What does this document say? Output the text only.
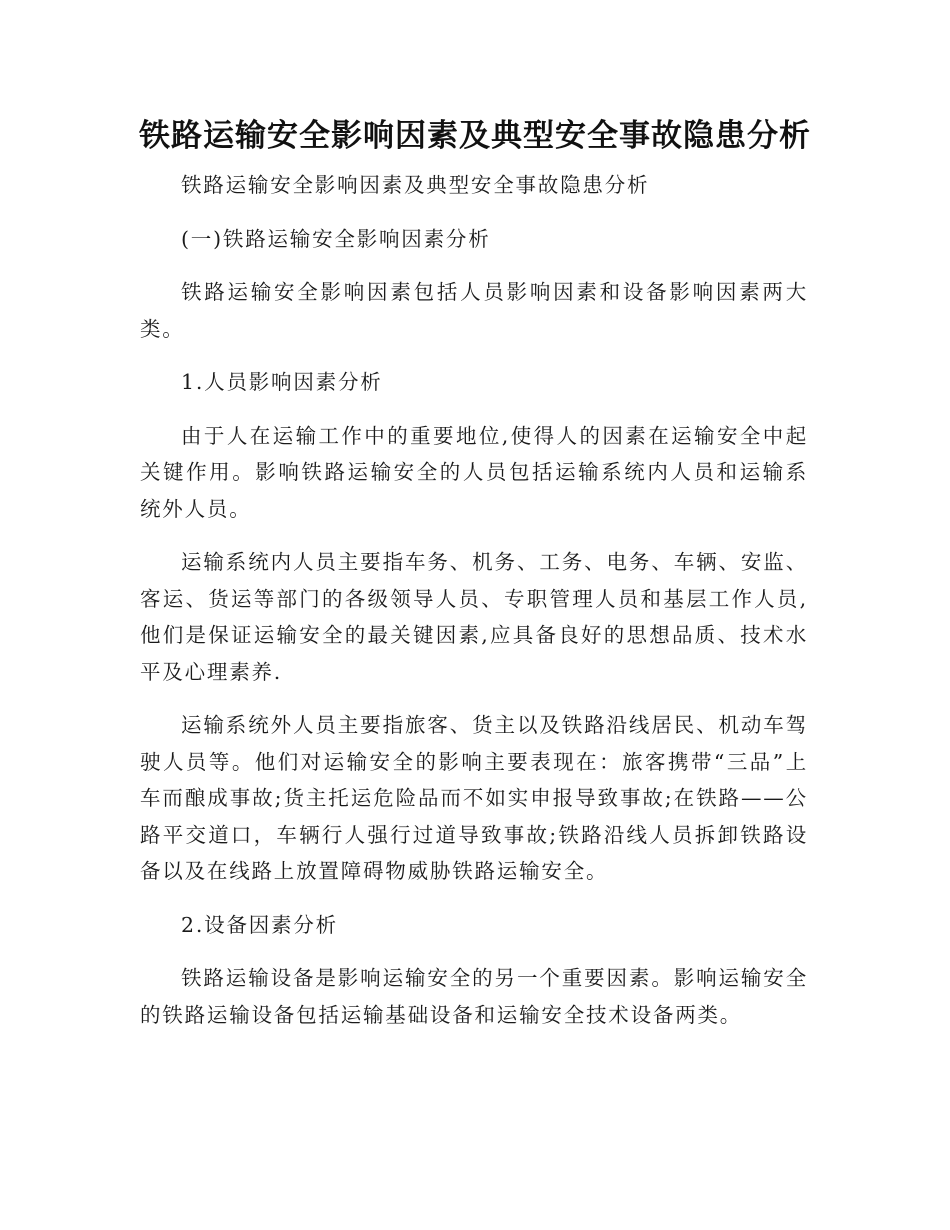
铁路运输安全影响因素及典型安全事故隐患分析

铁路运输安全影响因素及典型安全事故隐患分析

(一)铁路运输安全影响因素分析

铁路运输安全影响因素包括人员影响因素和设备影响因素两大类。

1.人员影响因素分析

由于人在运输工作中的重要地位,使得人的因素在运输安全中起关键作用。影响铁路运输安全的人员包括运输系统内人员和运输系统外人员。

运输系统内人员主要指车务、机务、工务、电务、车辆、安监、客运、货运等部门的各级领导人员、专职管理人员和基层工作人员,他们是保证运输安全的最关键因素,应具备良好的思想品质、技术水平及心理素养.

运输系统外人员主要指旅客、货主以及铁路沿线居民、机动车驾驶人员等。他们对运输安全的影响主要表现在：旅客携带“三品”上车而酿成事故;货主托运危险品而不如实申报导致事故;在铁路——公路平交道口，车辆行人强行过道导致事故;铁路沿线人员拆卸铁路设备以及在线路上放置障碍物威胁铁路运输安全。

2.设备因素分析

铁路运输设备是影响运输安全的另一个重要因素。影响运输安全的铁路运输设备包括运输基础设备和运输安全技术设备两类。
